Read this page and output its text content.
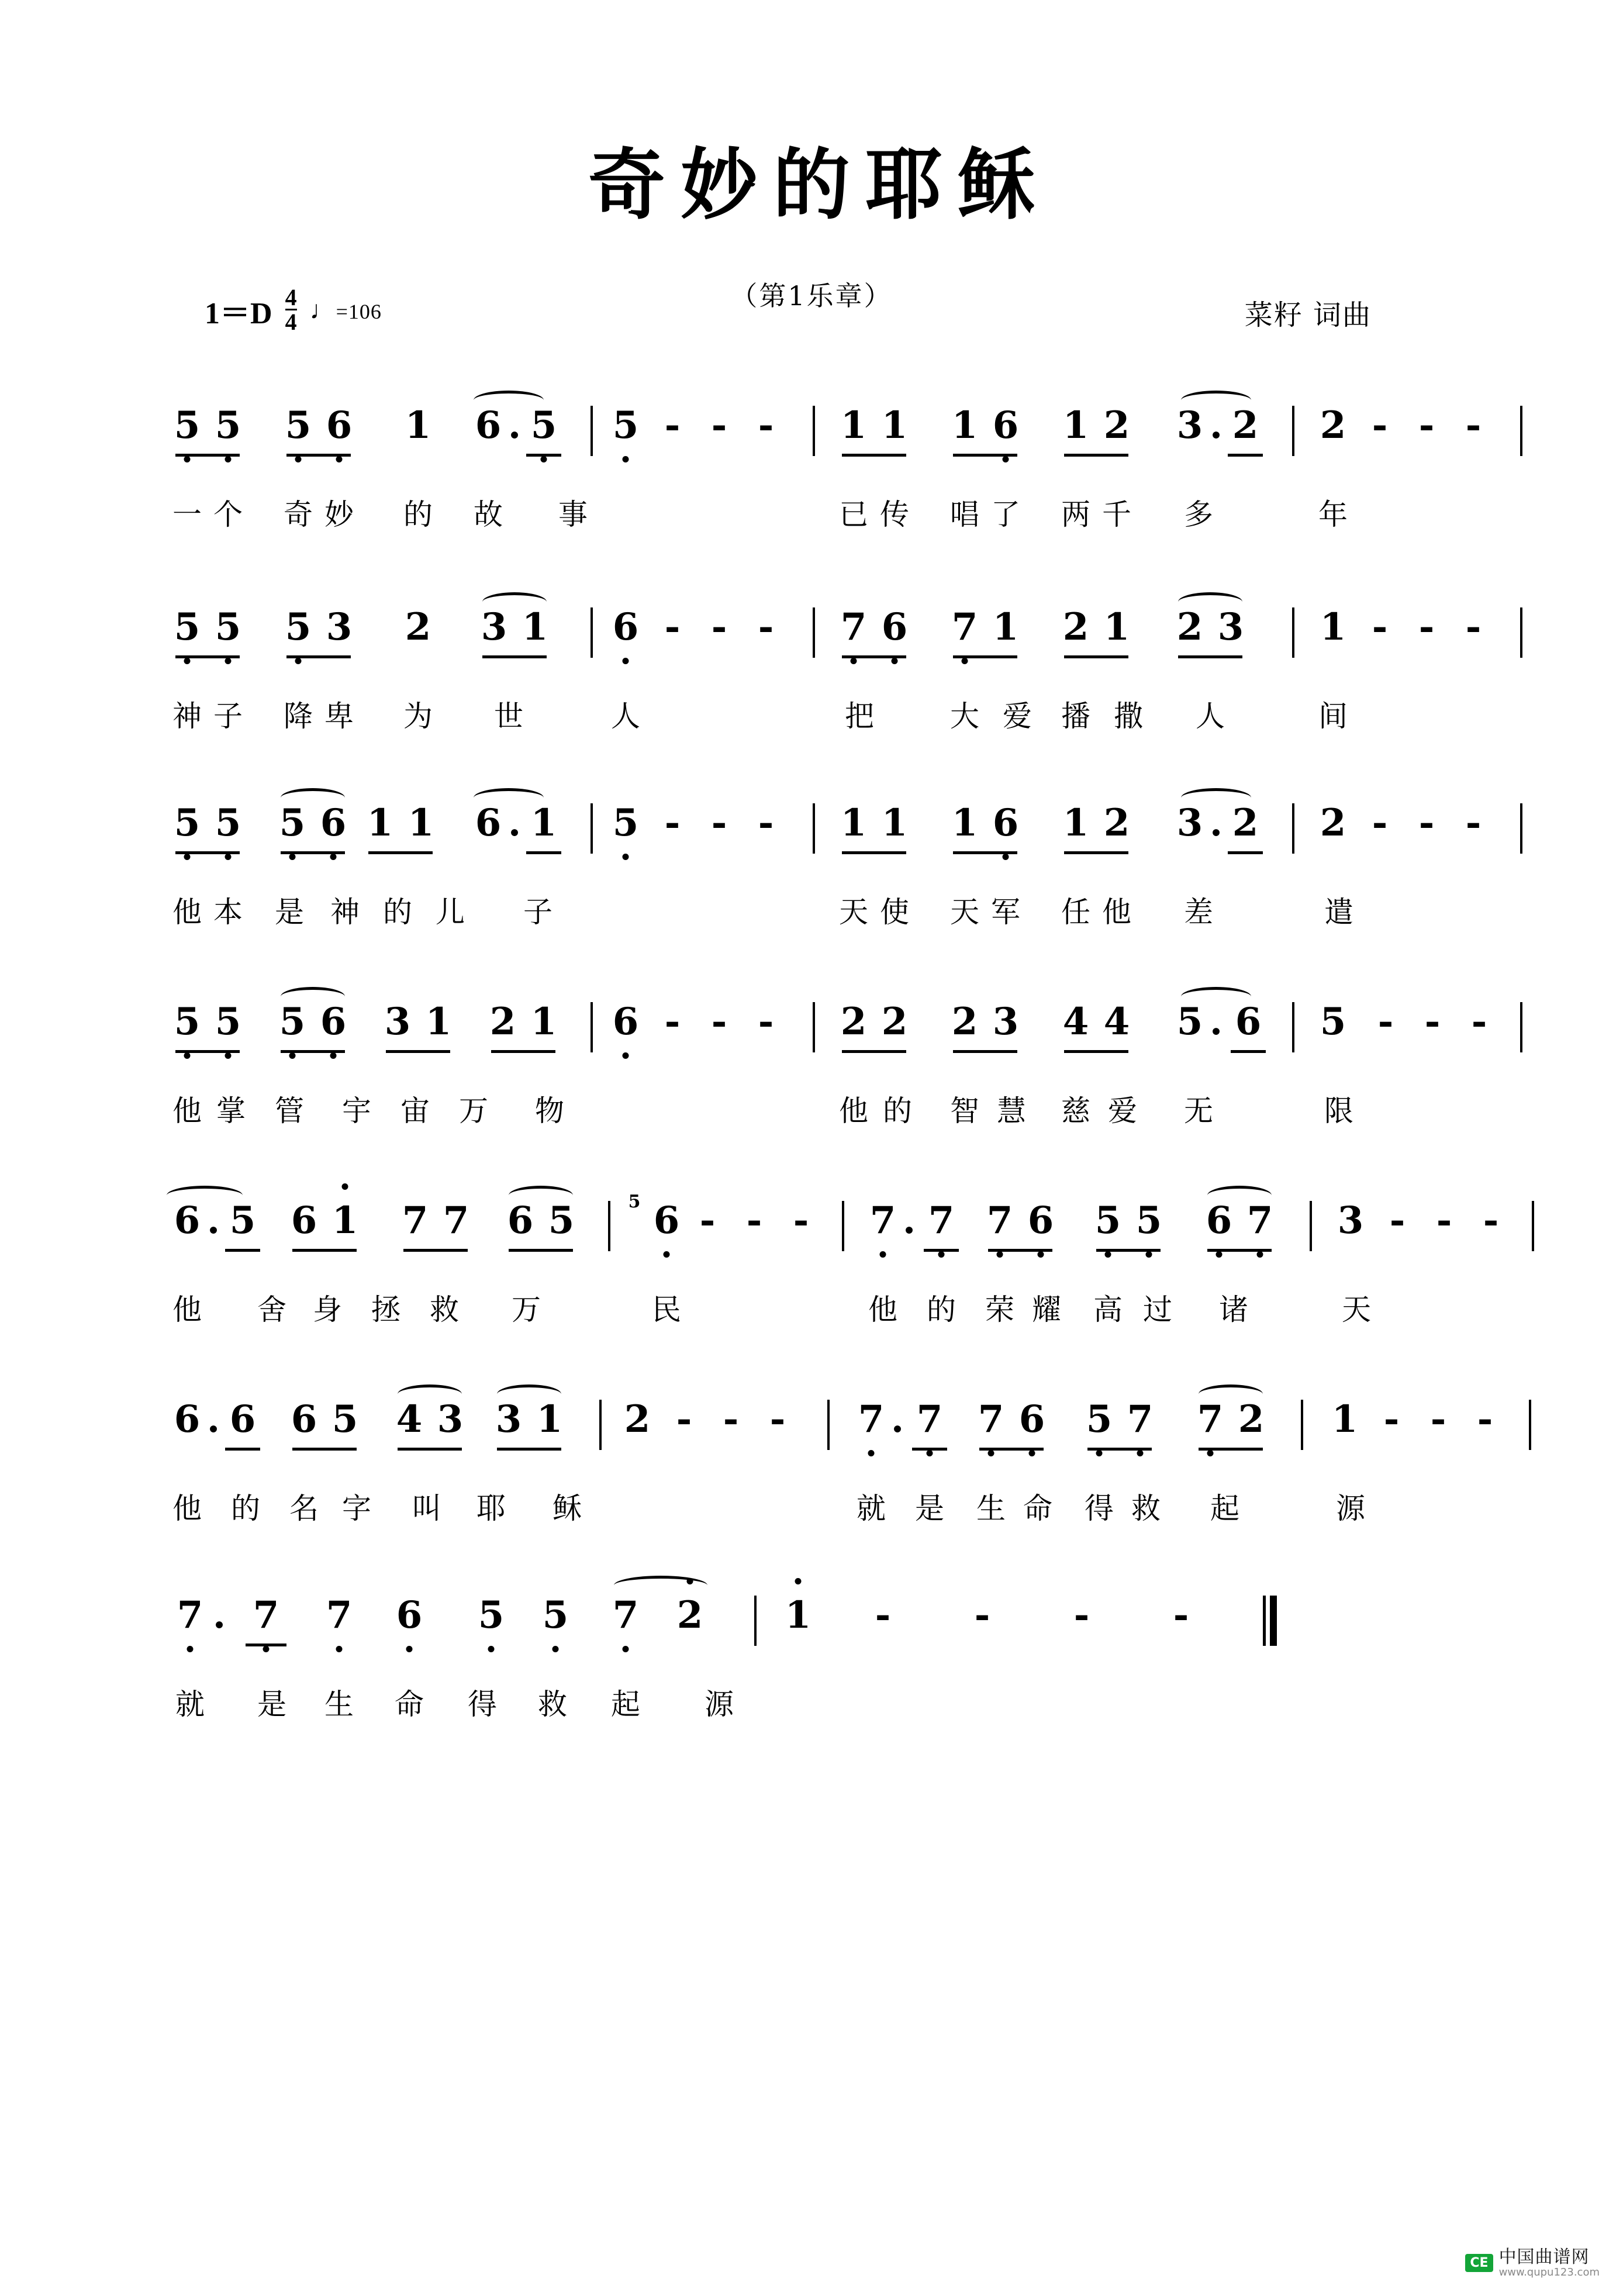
奇妙的耶稣
（第1乐章）
$1=D \frac{4}{4}$ ♩=106	菜籽 词曲
5 5 5 6 1 6 . 5 5 - - - 1 1 1 6 1 2 3 . 2 2 - - -
一 个 奇 妙 的 故 事	已 传 唱 了 两 千 多	年
5 5 5 3 2 3 1 6 - - - 7 6 7 1 2 1 2 3 1 - - -
神 子 降 卑 为 世	人	把	大 爱 播 撒 人	间
5 5 5 6 1 1 6 . 1 5 - - - 1 1 1 6 1 2 3 . 2 2 - - -
他 本 是 神 的 儿 子	天 使 天 军 任 他 差	遣
5 5 5 6 3 1 2 1 6 - - - 2 2 2 3 4 4 5 . 6 5 - - -
他 掌 管 宇 宙 万 物	他 的 智 慧 慈 爱 无	限
6 . 5 6 1 7 7 6 5	5 6 - - - 7 . 7 7 6 5 5 6 7 3 - - -
他 舍 身 拯 救 万	民	他 的 荣 耀 高 过 诸	天
6 . 6 6 5 4 3 3 1 2 - - - 7 . 7 7 6 5 7 7 2 1 - - -
他 的 名 字 叫 耶 稣	就 是 生 命 得 救 起	源
7 . 7 7 6 5 5 7 2 1 - - - -
就 是 生 命 得 救 起 源
CE 中国曲谱网
www.qupu123.com
